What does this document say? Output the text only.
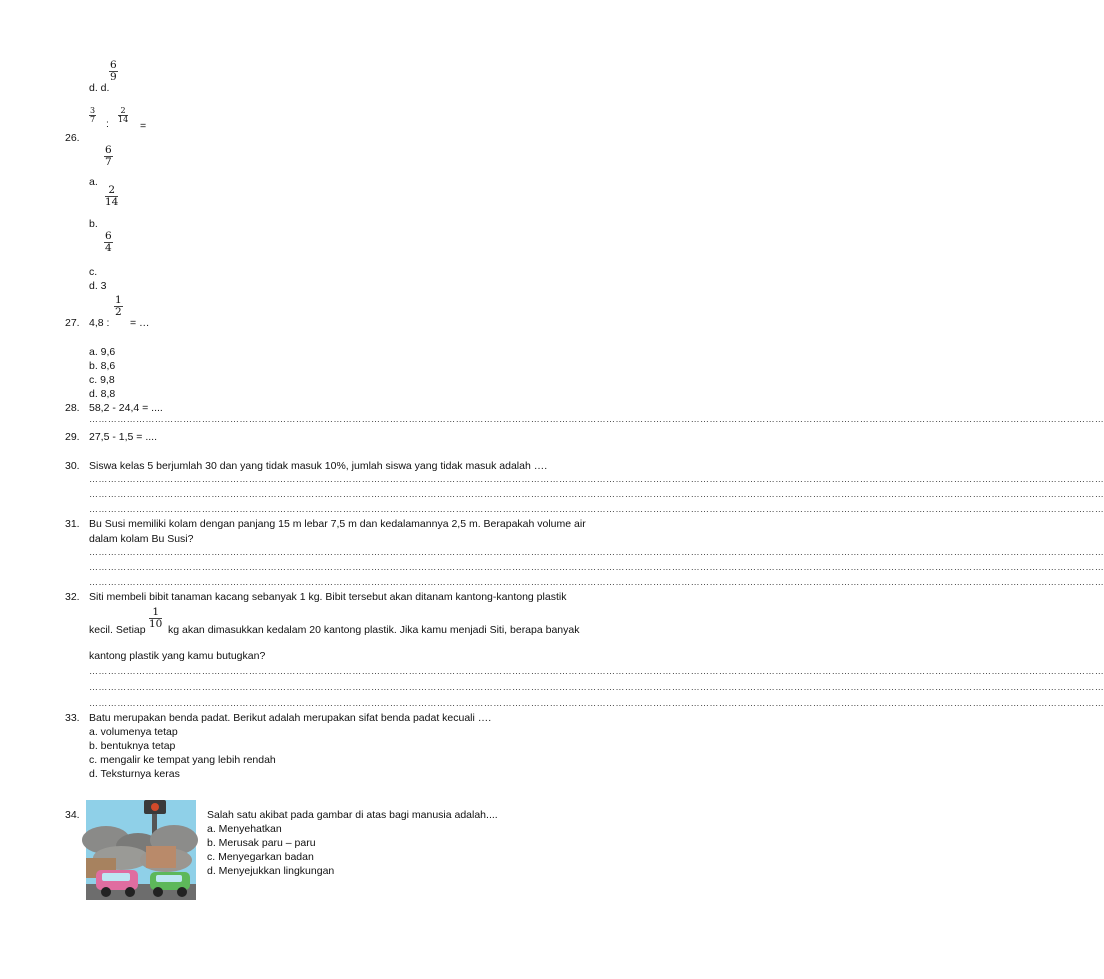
$\frac{6}{9}$
d. d.
$\frac{3}{7}$ : $\frac{2}{14}$
=
26.
$\frac{6}{7}$
a.
$\frac{2}{14}$
b.
$\frac{6}{4}$
c.
d. 3
$\frac{1}{2}$
27. 4,8 : = …
a. 9,6
b. 8,6
c. 9,8
d. 8,8
28. 58,2 - 24,4 = ....
………………………………………………………………………………………………………………………………………………………………………………………………………………………………………………………………………………………………
29. 27,5 - 1,5 = ....
30. Siswa kelas 5 berjumlah 30 dan yang tidak masuk 10%, jumlah siswa yang tidak masuk adalah ….
………………………………………………………………………………………………………………………………………………………………………………………………………………………………………………………………………………………………
………………………………………………………………………………………………………………………………………………………………………………………………………………………………………………………………………………………………
………………………………………………………………………………………………………………………………………………………………………………………………………………………………………………………………………………………………
31. Bu Susi memiliki kolam dengan panjang 15 m lebar 7,5 m dan kedalamannya 2,5 m. Berapakah volume air
dalam kolam Bu Susi?
………………………………………………………………………………………………………………………………………………………………………………………………………………………………………………………………………………………………
………………………………………………………………………………………………………………………………………………………………………………………………………………………………………………………………………………………………
………………………………………………………………………………………………………………………………………………………………………………………………………………………………………………………………………………………………
32. Siti membeli bibit tanaman kacang sebanyak 1 kg. Bibit tersebut akan ditanam kantong-kantong plastik
kecil. Setiap $\frac{1}{10}$ kg akan dimasukkan kedalam 20 kantong plastik. Jika kamu menjadi Siti, berapa banyak
kantong plastik yang kamu butugkan?
………………………………………………………………………………………………………………………………………………………………………………………………………………………………………………………………………………………………
………………………………………………………………………………………………………………………………………………………………………………………………………………………………………………………………………………………………
………………………………………………………………………………………………………………………………………………………………………………………………………………………………………………………………………………………………
33. Batu merupakan benda padat. Berikut adalah merupakan sifat benda padat kecuali ….
a. volumenya tetap
b. bentuknya tetap
c. mengalir ke tempat yang lebih rendah
d. Teksturnya keras
34.	Salah satu akibat pada gambar di atas bagi manusia adalah....
a. Menyehatkan
b. Merusak paru – paru
c. Menyegarkan badan
d. Menyejukkan lingkungan
